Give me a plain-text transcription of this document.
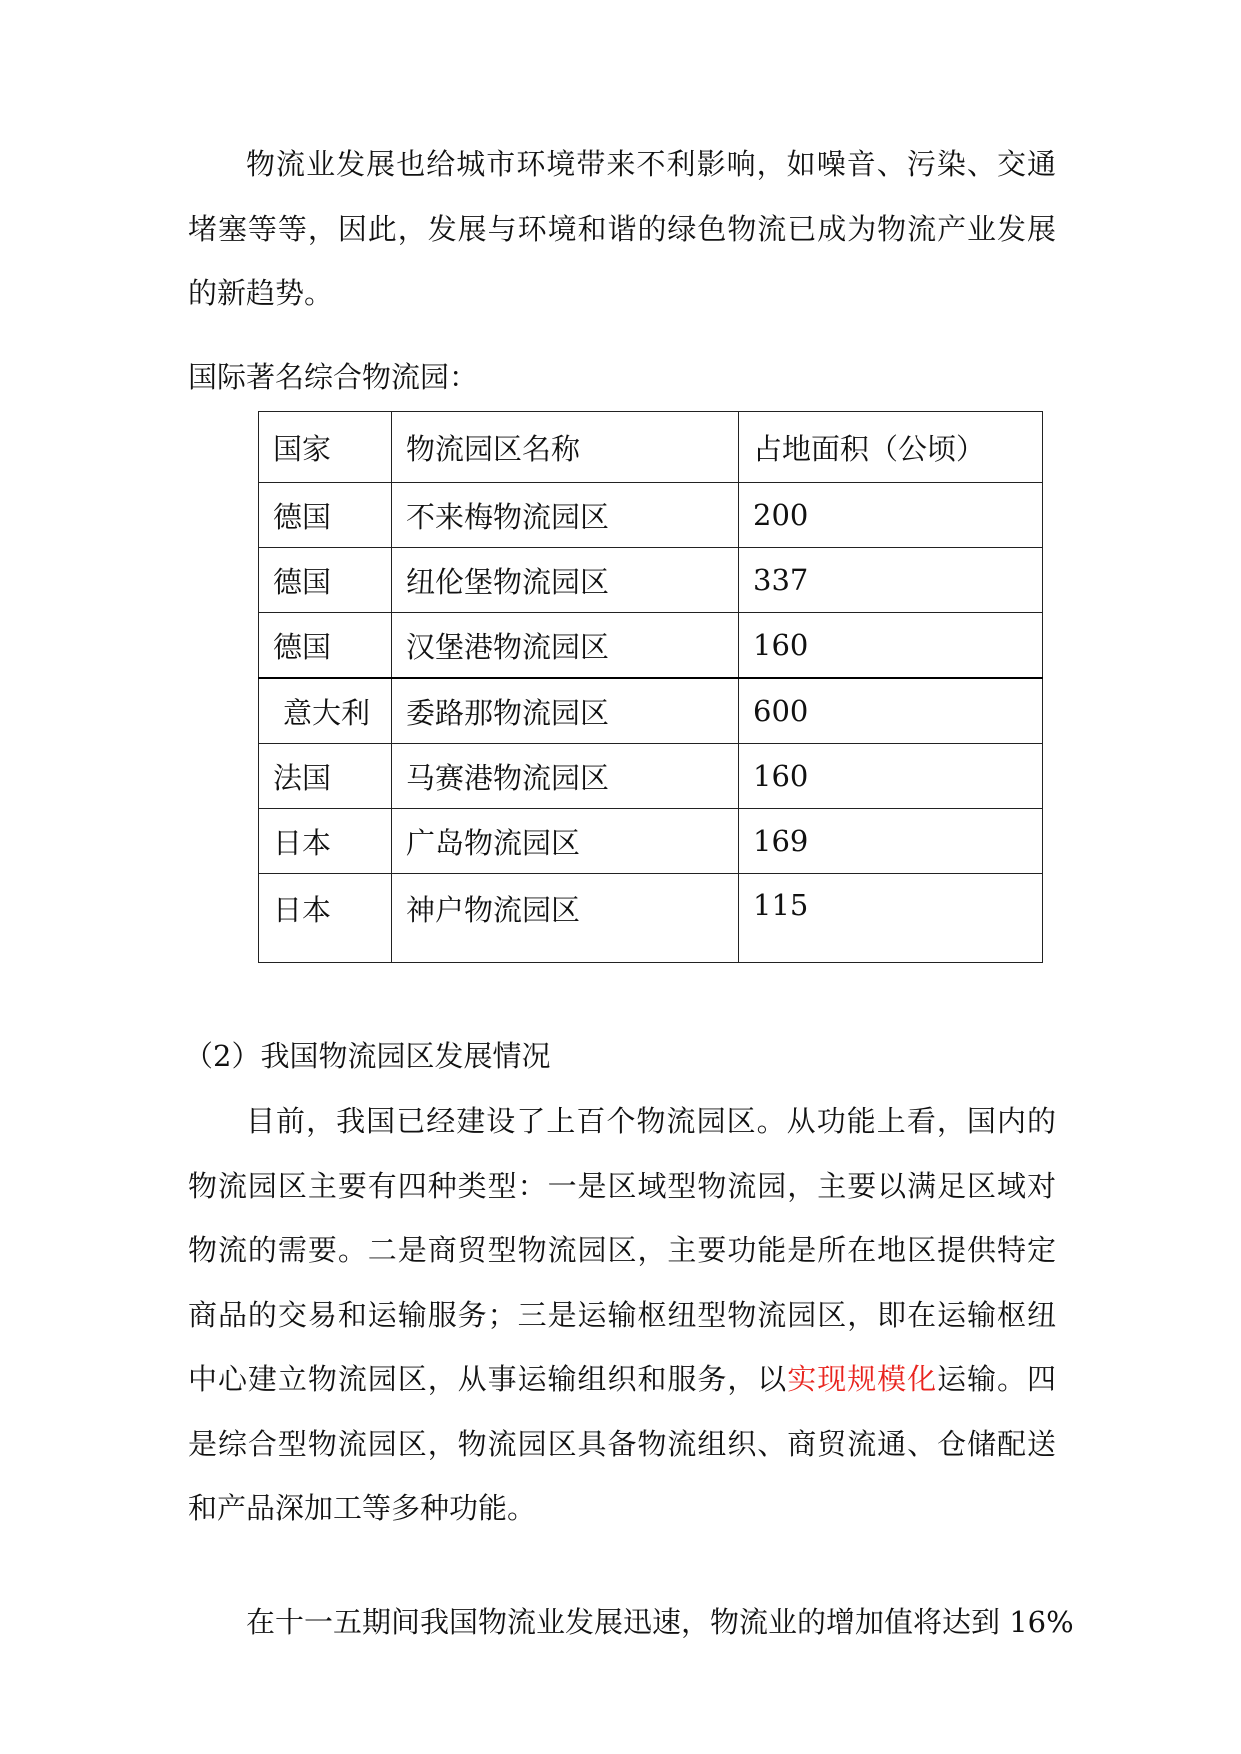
物流业发展也给城市环境带来不利影响，如噪音、污染、交通堵塞等等，因此，发展与环境和谐的绿色物流已成为物流产业发展的新趋势。

国际著名综合物流园：
国家	物流园区名称	占地面积（公顷）
德国	不来梅物流园区	200
德国	纽伦堡物流园区	337
德国	汉堡港物流园区	160
意大利	委路那物流园区	600
法国	马赛港物流园区	160
日本	广岛物流园区	169
日本	神户物流园区	115
（2）我国物流园区发展情况

目前，我国已经建设了上百个物流园区。从功能上看，国内的物流园区主要有四种类型：一是区域型物流园，主要以满足区域对物流的需要。二是商贸型物流园区，主要功能是所在地区提供特定商品的交易和运输服务；三是运输枢纽型物流园区，即在运输枢纽中心建立物流园区，从事运输组织和服务，以实现规模化运输。四是综合型物流园区，物流园区具备物流组织、商贸流通、仓储配送和产品深加工等多种功能。

在十一五期间我国物流业发展迅速，物流业的增加值将达到 16%
